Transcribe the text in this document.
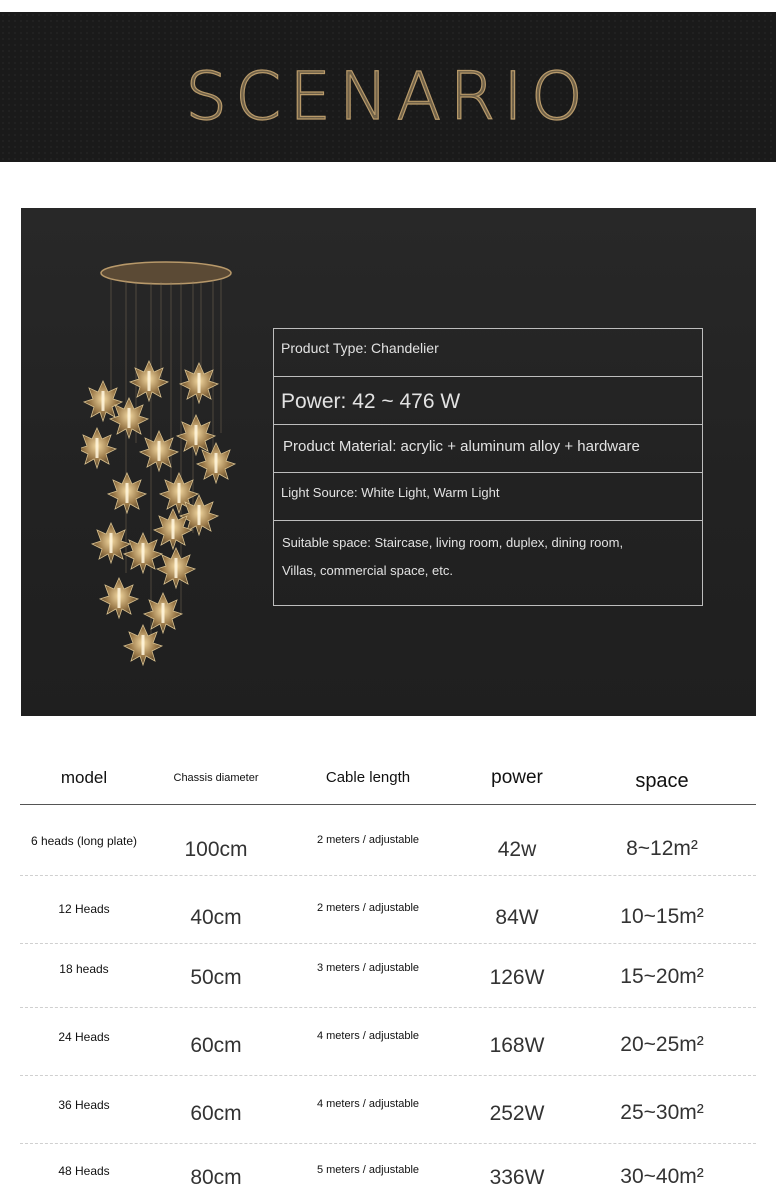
SCENARIO
Product Type: Chandelier
Power: 42 ~ 476 W
Product Material: acrylic + aluminum alloy + hardware
Light Source: White Light, Warm Light
Suitable space: Staircase, living room, duplex, dining room,
Villas, commercial space, etc.
model	Chassis diameter	Cable length	power	space
6 heads (long plate)	100cm	2 meters / adjustable	42w	8~12m²
12 Heads	40cm	2 meters / adjustable	84W	10~15m²
18 heads	50cm	3 meters / adjustable	126W	15~20m²
24 Heads	60cm	4 meters / adjustable	168W	20~25m²
36 Heads	60cm	4 meters / adjustable	252W	25~30m²
48 Heads	80cm	5 meters / adjustable	336W	30~40m²
